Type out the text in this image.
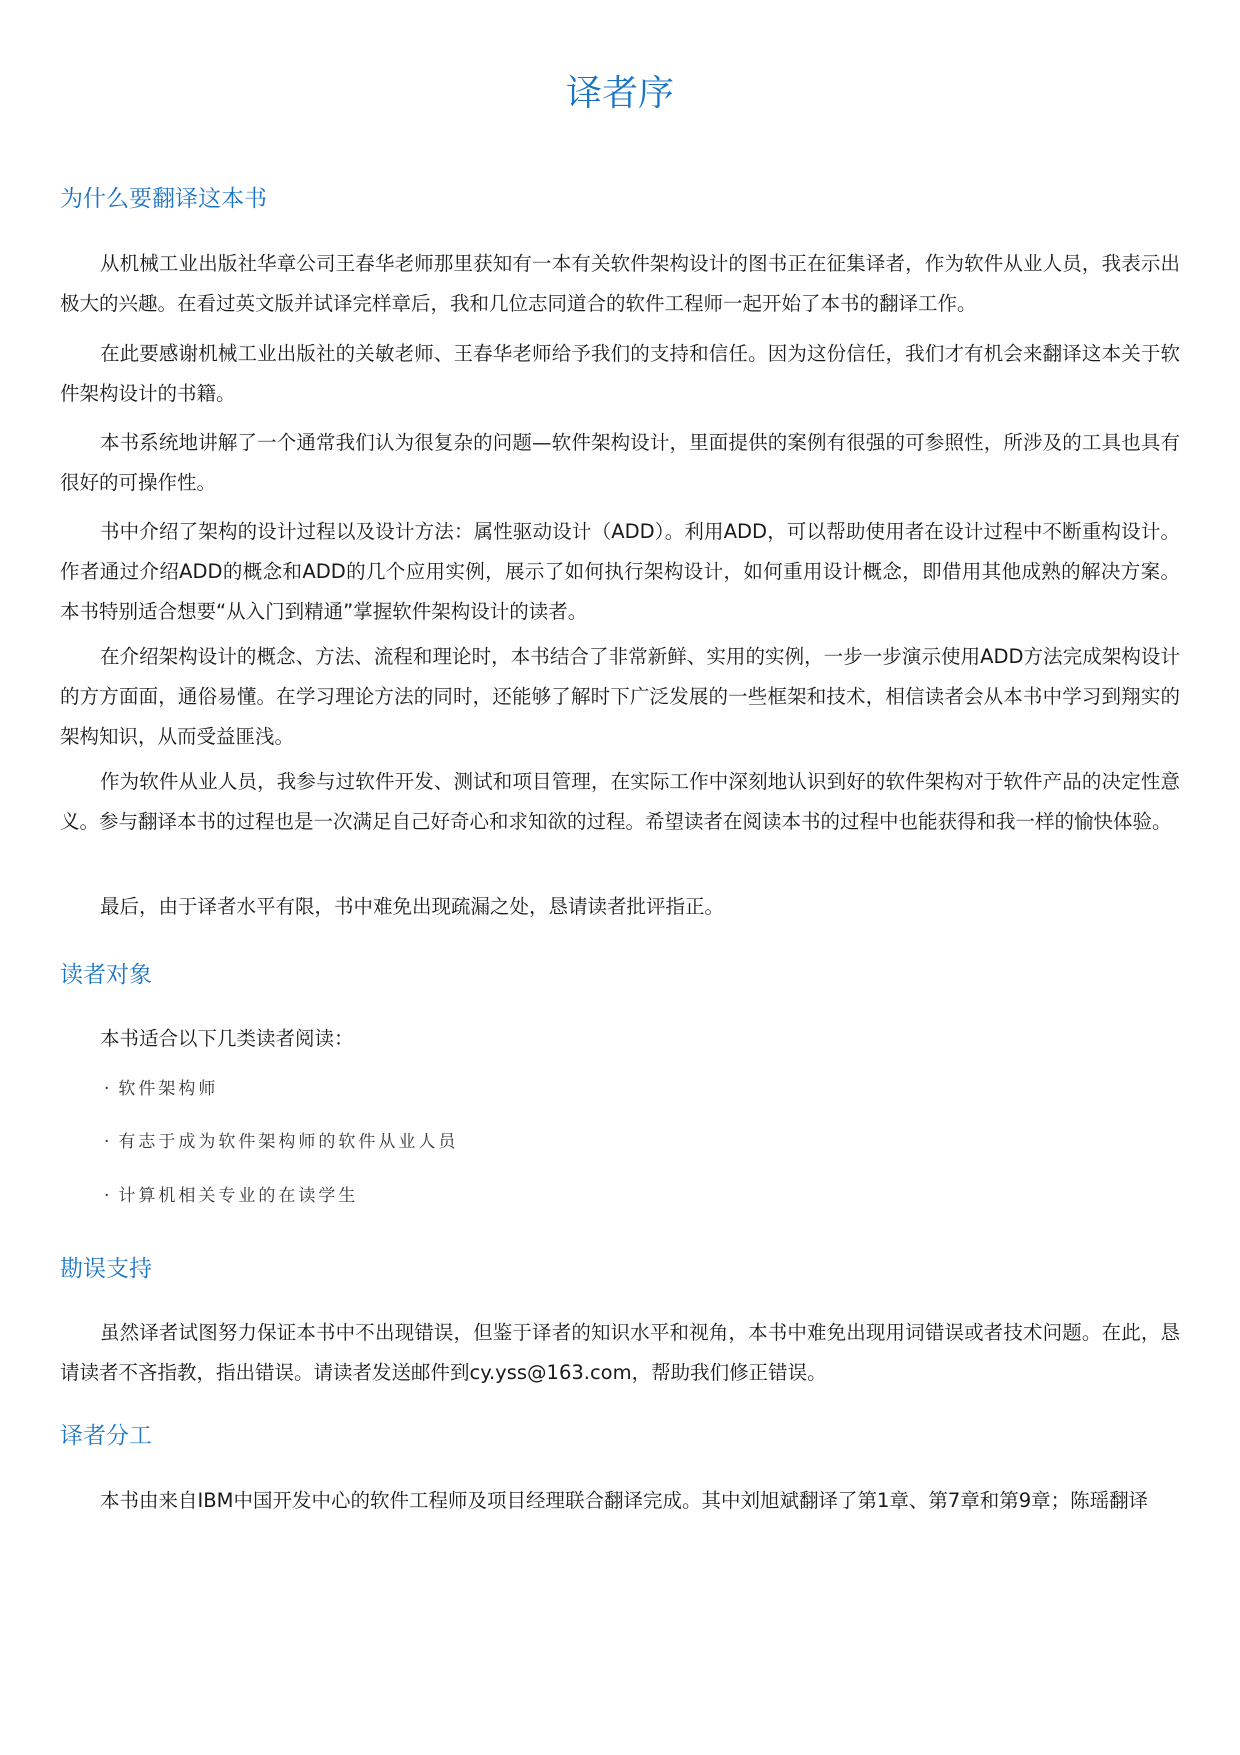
译者序
为什么要翻译这本书

从机械工业出版社华章公司王春华老师那里获知有一本有关软件架构设计的图书正在征集译者，作为软件从业人员，我表示出极大的兴趣。在看过英文版并试译完样章后，我和几位志同道合的软件工程师一起开始了本书的翻译工作。

在此要感谢机械工业出版社的关敏老师、王春华老师给予我们的支持和信任。因为这份信任，我们才有机会来翻译这本关于软件架构设计的书籍。

本书系统地讲解了一个通常我们认为很复杂的问题—软件架构设计，里面提供的案例有很强的可参照性，所涉及的工具也具有很好的可操作性。

书中介绍了架构的设计过程以及设计方法：属性驱动设计（ADD）。利用ADD，可以帮助使用者在设计过程中不断重构设计。作者通过介绍ADD的概念和ADD的几个应用实例，展示了如何执行架构设计，如何重用设计概念，即借用其他成熟的解决方案。本书特别适合想要“从入门到精通”掌握软件架构设计的读者。

在介绍架构设计的概念、方法、流程和理论时，本书结合了非常新鲜、实用的实例，一步一步演示使用ADD方法完成架构设计的方方面面，通俗易懂。在学习理论方法的同时，还能够了解时下广泛发展的一些框架和技术，相信读者会从本书中学习到翔实的架构知识，从而受益匪浅。

作为软件从业人员，我参与过软件开发、测试和项目管理，在实际工作中深刻地认识到好的软件架构对于软件产品的决定性意义。参与翻译本书的过程也是一次满足自己好奇心和求知欲的过程。希望读者在阅读本书的过程中也能获得和我一样的愉快体验。

最后，由于译者水平有限，书中难免出现疏漏之处，恳请读者批评指正。

读者对象

本书适合以下几类读者阅读：

· 软件架构师

· 有志于成为软件架构师的软件从业人员

· 计算机相关专业的在读学生

勘误支持

虽然译者试图努力保证本书中不出现错误，但鉴于译者的知识水平和视角，本书中难免出现用词错误或者技术问题。在此，恳请读者不吝指教，指出错误。请读者发送邮件到cy.yss@163.com，帮助我们修正错误。

译者分工

本书由来自IBM中国开发中心的软件工程师及项目经理联合翻译完成。其中刘旭斌翻译了第1章、第7章和第9章；陈瑶翻译
